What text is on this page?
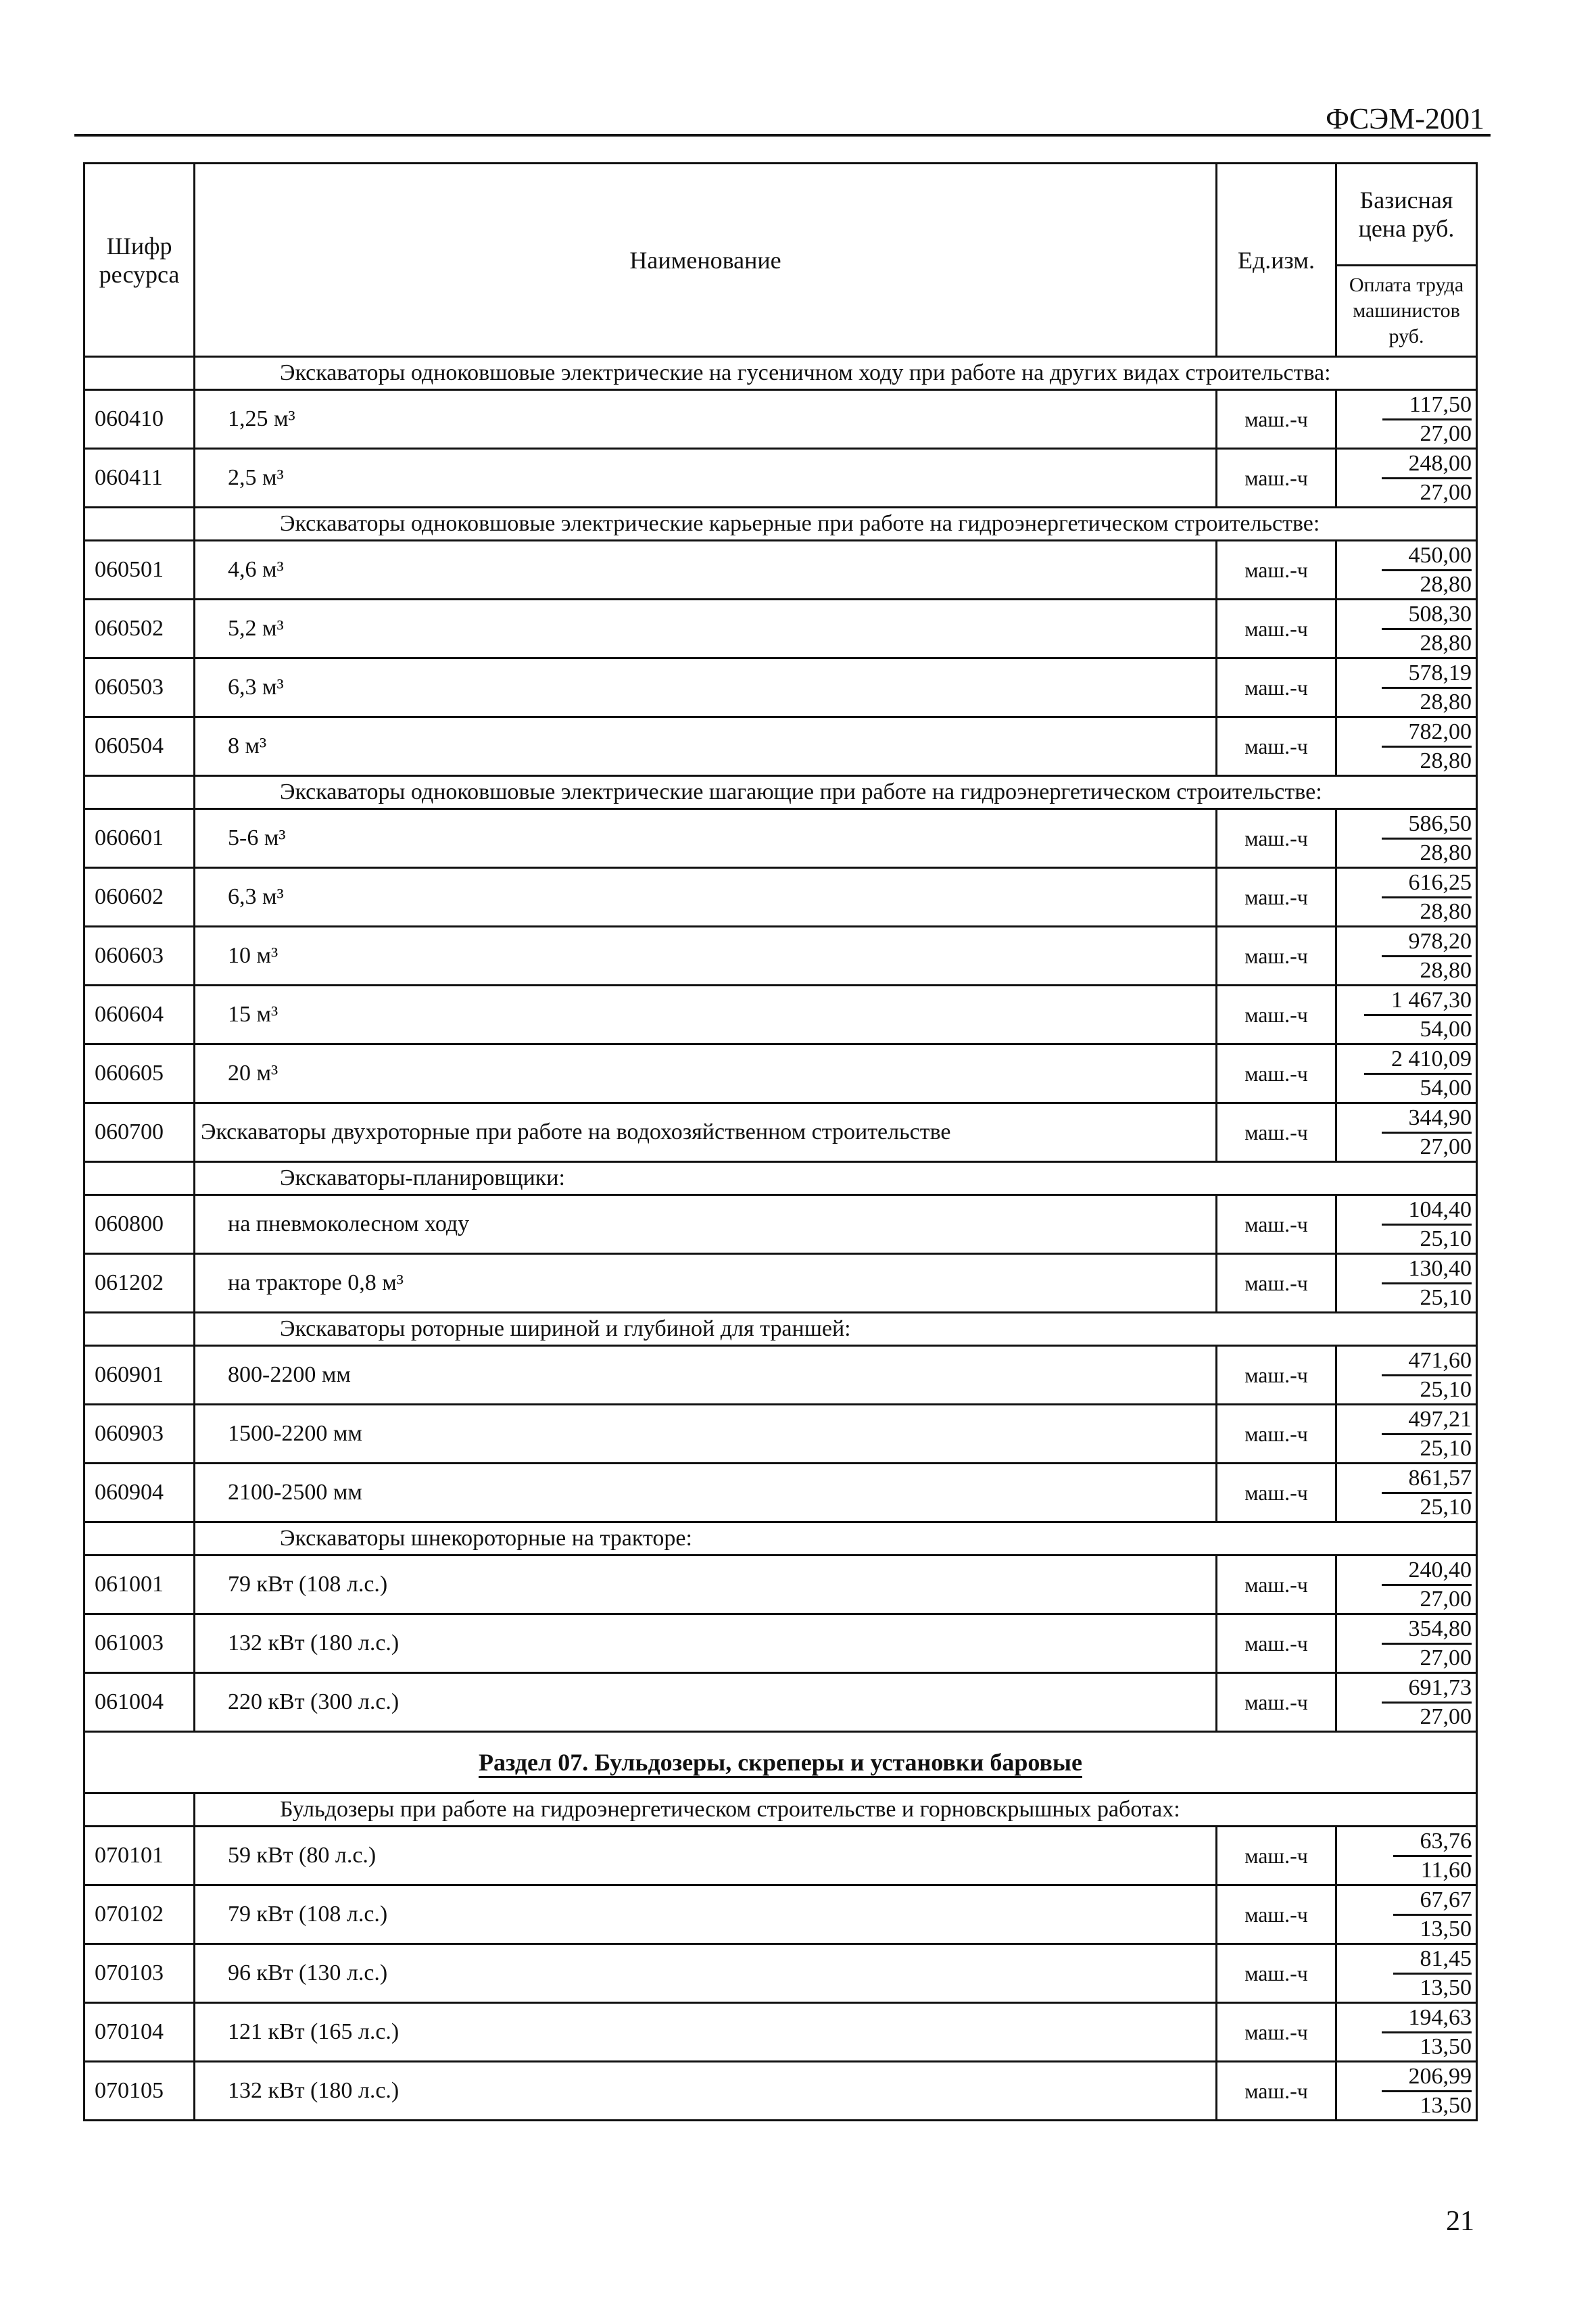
ФСЭМ-2001
Шифр ресурса	Наименование	Ед.изм.	Базисная цена руб.
			Оплата труда машинистов руб.
	Экскаваторы одноковшовые электрические на гусеничном ходу при работе на других видах строительства:		
060410	1,25 м³	маш.-ч	117,50
27,00

060411	2,5 м³	маш.-ч	248,00
27,00

	Экскаваторы одноковшовые электрические карьерные при работе на гидроэнергетическом строительстве:		
060501	4,6 м³	маш.-ч	450,00
28,80

060502	5,2 м³	маш.-ч	508,30
28,80

060503	6,3 м³	маш.-ч	578,19
28,80

060504	8 м³	маш.-ч	782,00
28,80

	Экскаваторы одноковшовые электрические шагающие при работе на гидроэнергетическом строительстве:		
060601	5-6 м³	маш.-ч	586,50
28,80

060602	6,3 м³	маш.-ч	616,25
28,80

060603	10 м³	маш.-ч	978,20
28,80

060604	15 м³	маш.-ч	1 467,30
54,00

060605	20 м³	маш.-ч	2 410,09
54,00

060700	Экскаваторы двухроторные при работе на водохозяйственном строительстве	маш.-ч	344,90
27,00

	Экскаваторы-планировщики:		
060800	на пневмоколесном ходу	маш.-ч	104,40
25,10

061202	на тракторе 0,8 м³	маш.-ч	130,40
25,10

	Экскаваторы роторные шириной и глубиной для траншей:		
060901	800-2200 мм	маш.-ч	471,60
25,10

060903	1500-2200 мм	маш.-ч	497,21
25,10

060904	2100-2500 мм	маш.-ч	861,57
25,10

	Экскаваторы шнекороторные на тракторе:		
061001	79 кВт (108 л.с.)	маш.-ч	240,40
27,00

061003	132 кВт (180 л.с.)	маш.-ч	354,80
27,00

061004	220 кВт (300 л.с.)	маш.-ч	691,73
27,00

Раздел 07. Бульдозеры, скреперы и установки баровые			
	Бульдозеры при работе на гидроэнергетическом строительстве и горновскрышных работах:		
070101	59 кВт (80 л.с.)	маш.-ч	63,76
11,60

070102	79 кВт (108 л.с.)	маш.-ч	67,67
13,50

070103	96 кВт (130 л.с.)	маш.-ч	81,45
13,50

070104	121 кВт (165 л.с.)	маш.-ч	194,63
13,50

070105	132 кВт (180 л.с.)	маш.-ч	206,99
13,50
21
